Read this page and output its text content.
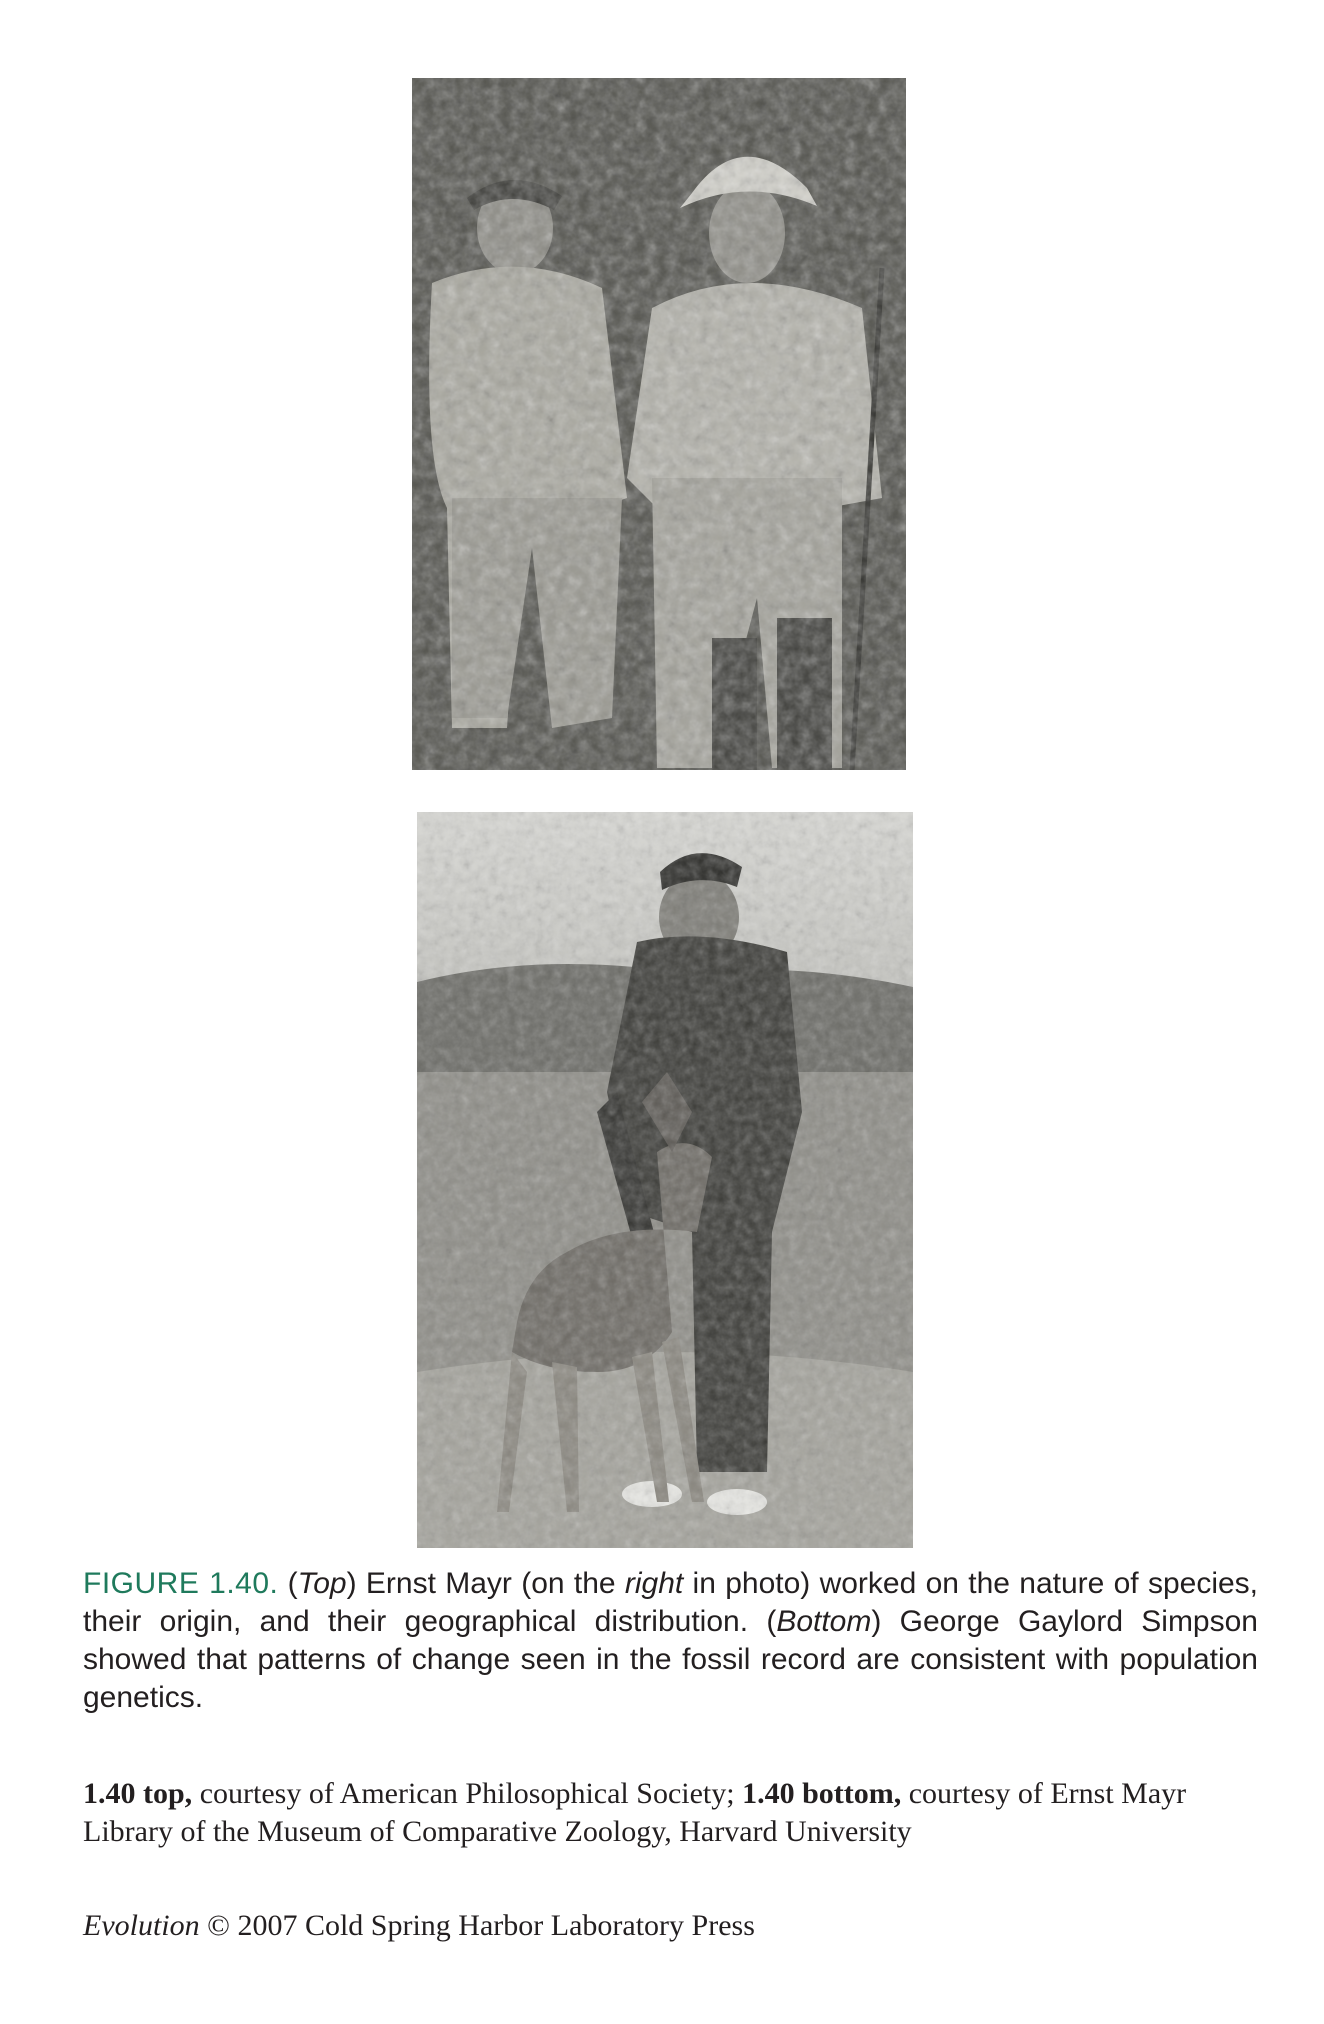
FIGURE 1.40. (Top) Ernst Mayr (on the right in photo) worked on the nature of species, their origin, and their geographical distribution. (Bottom) George Gaylord Simpson showed that patterns of change seen in the fossil record are consistent with population genetics.

1.40 top, courtesy of American Philosophical Society; 1.40 bottom, courtesy of Ernst Mayr Library of the Museum of Comparative Zoology, Harvard University

Evolution © 2007 Cold Spring Harbor Laboratory Press
